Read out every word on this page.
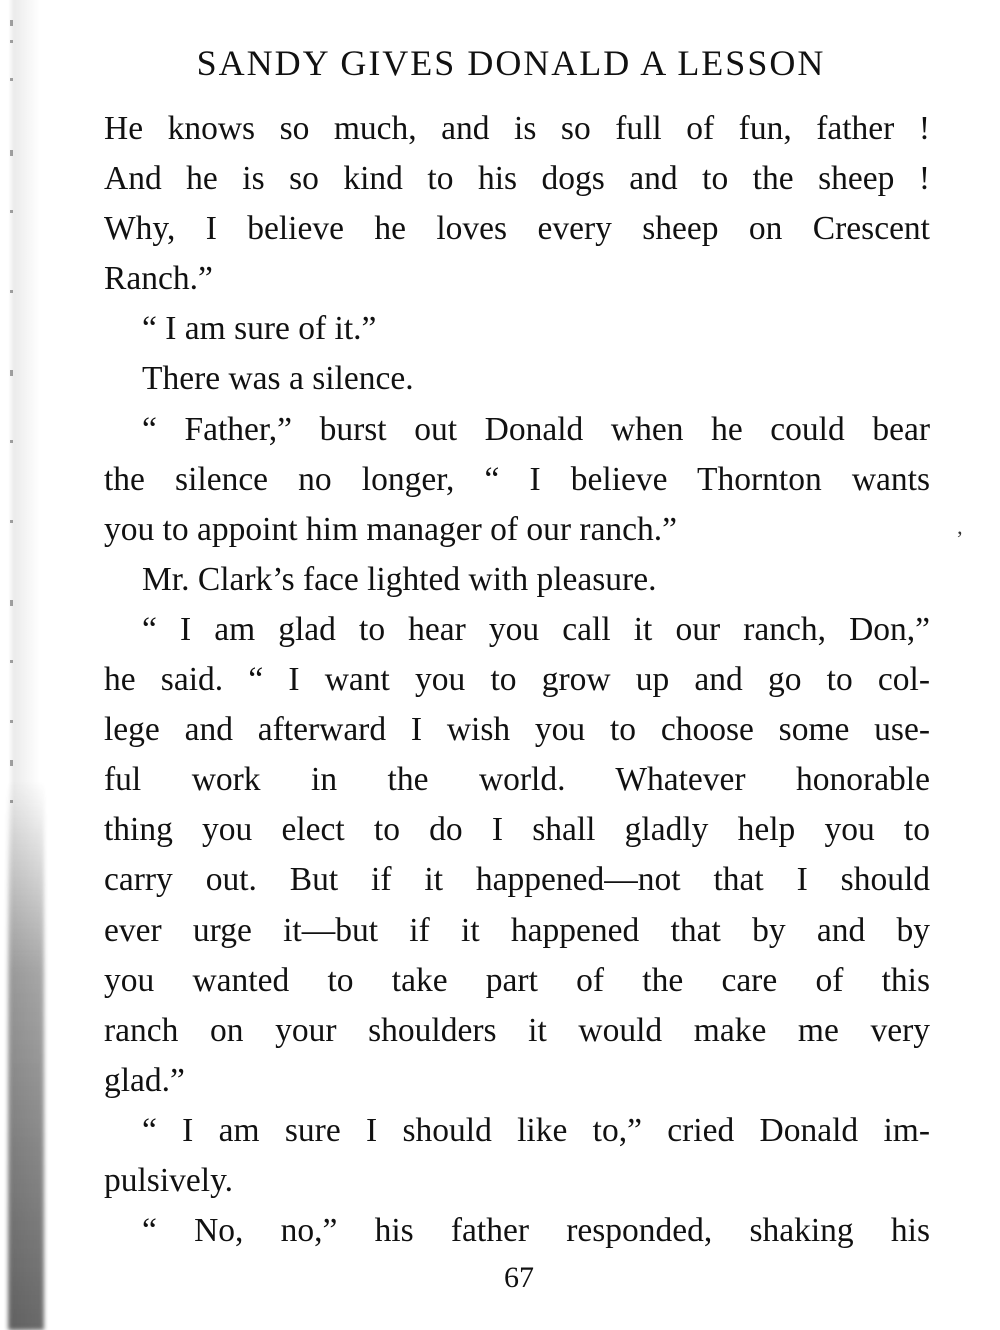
SANDY GIVES DONALD A LESSON
He knows so much, and is so full of fun, father !
And he is so kind to his dogs and to the sheep !
Why, I believe he loves every sheep on Crescent
Ranch.”
“ I am sure of it.”
There was a silence.
“ Father,” burst out Donald when he could bear
the silence no longer, “ I believe Thornton wants
you to appoint him manager of our ranch.”
Mr. Clark’s face lighted with pleasure.
“ I am glad to hear you call it our ranch, Don,”
he said. “ I want you to grow up and go to col-
lege and afterward I wish you to choose some use-
ful work in the world. Whatever honorable
thing you elect to do I shall gladly help you to
carry out. But if it happened—not that I should
ever urge it—but if it happened that by and by
you wanted to take part of the care of this
ranch on your shoulders it would make me very
glad.”
“ I am sure I should like to,” cried Donald im-
pulsively.
“ No, no,” his father responded, shaking his
’
67
